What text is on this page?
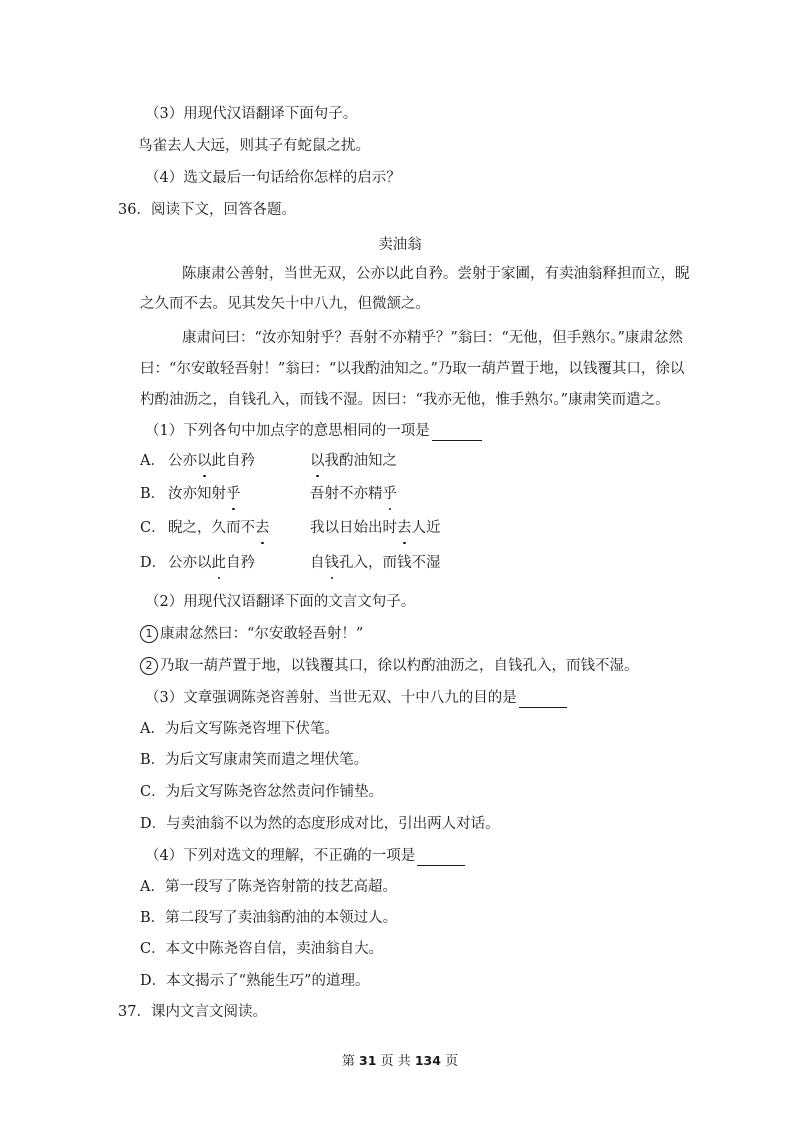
（3）用现代汉语翻译下面句子。
鸟雀去人大远，则其子有蛇鼠之扰。
（4）选文最后一句话给你怎样的启示？
36．阅读下文，回答各题。
卖油翁
陈康肃公善射，当世无双，公亦以此自矜。尝射于家圃，有卖油翁释担而立，睨
之久而不去。见其发矢十中八九，但微颔之。
康肃问曰：“汝亦知射乎？吾射不亦精乎？”翁曰：“无他，但手熟尔。”康肃忿然
曰：“尔安敢轻吾射！”翁曰：“以我酌油知之。”乃取一葫芦置于地，以钱覆其口，徐以
杓酌油沥之，自钱孔入，而钱不湿。因曰：“我亦无他，惟手熟尔。”康肃笑而遣之。
（1）下列各句中加点字的意思相同的一项是
A． 公亦以此自矜	以我酌油知之
B． 汝亦知射乎	吾射不亦精乎
C． 睨之，久而不去	我以日始出时去人近
D． 公亦以此自矜	自钱孔入，而钱不湿
（2）用现代汉语翻译下面的文言文句子。
1 康肃忿然曰：“尔安敢轻吾射！”
2 乃取一葫芦置于地，以钱覆其口，徐以杓酌油沥之，自钱孔入，而钱不湿。
（3）文章强调陈尧咨善射、当世无双、十中八九的目的是
A．为后文写陈尧咨埋下伏笔。
B．为后文写康肃笑而遣之埋伏笔。
C．为后文写陈尧咨忿然责问作铺垫。
D．与卖油翁不以为然的态度形成对比，引出两人对话。
（4）下列对选文的理解，不正确的一项是
A．第一段写了陈尧咨射箭的技艺高超。
B．第二段写了卖油翁酌油的本领过人。
C．本文中陈尧咨自信，卖油翁自大。
D．本文揭示了“熟能生巧”的道理。
37．课内文言文阅读。
第 31 页 共 134 页
